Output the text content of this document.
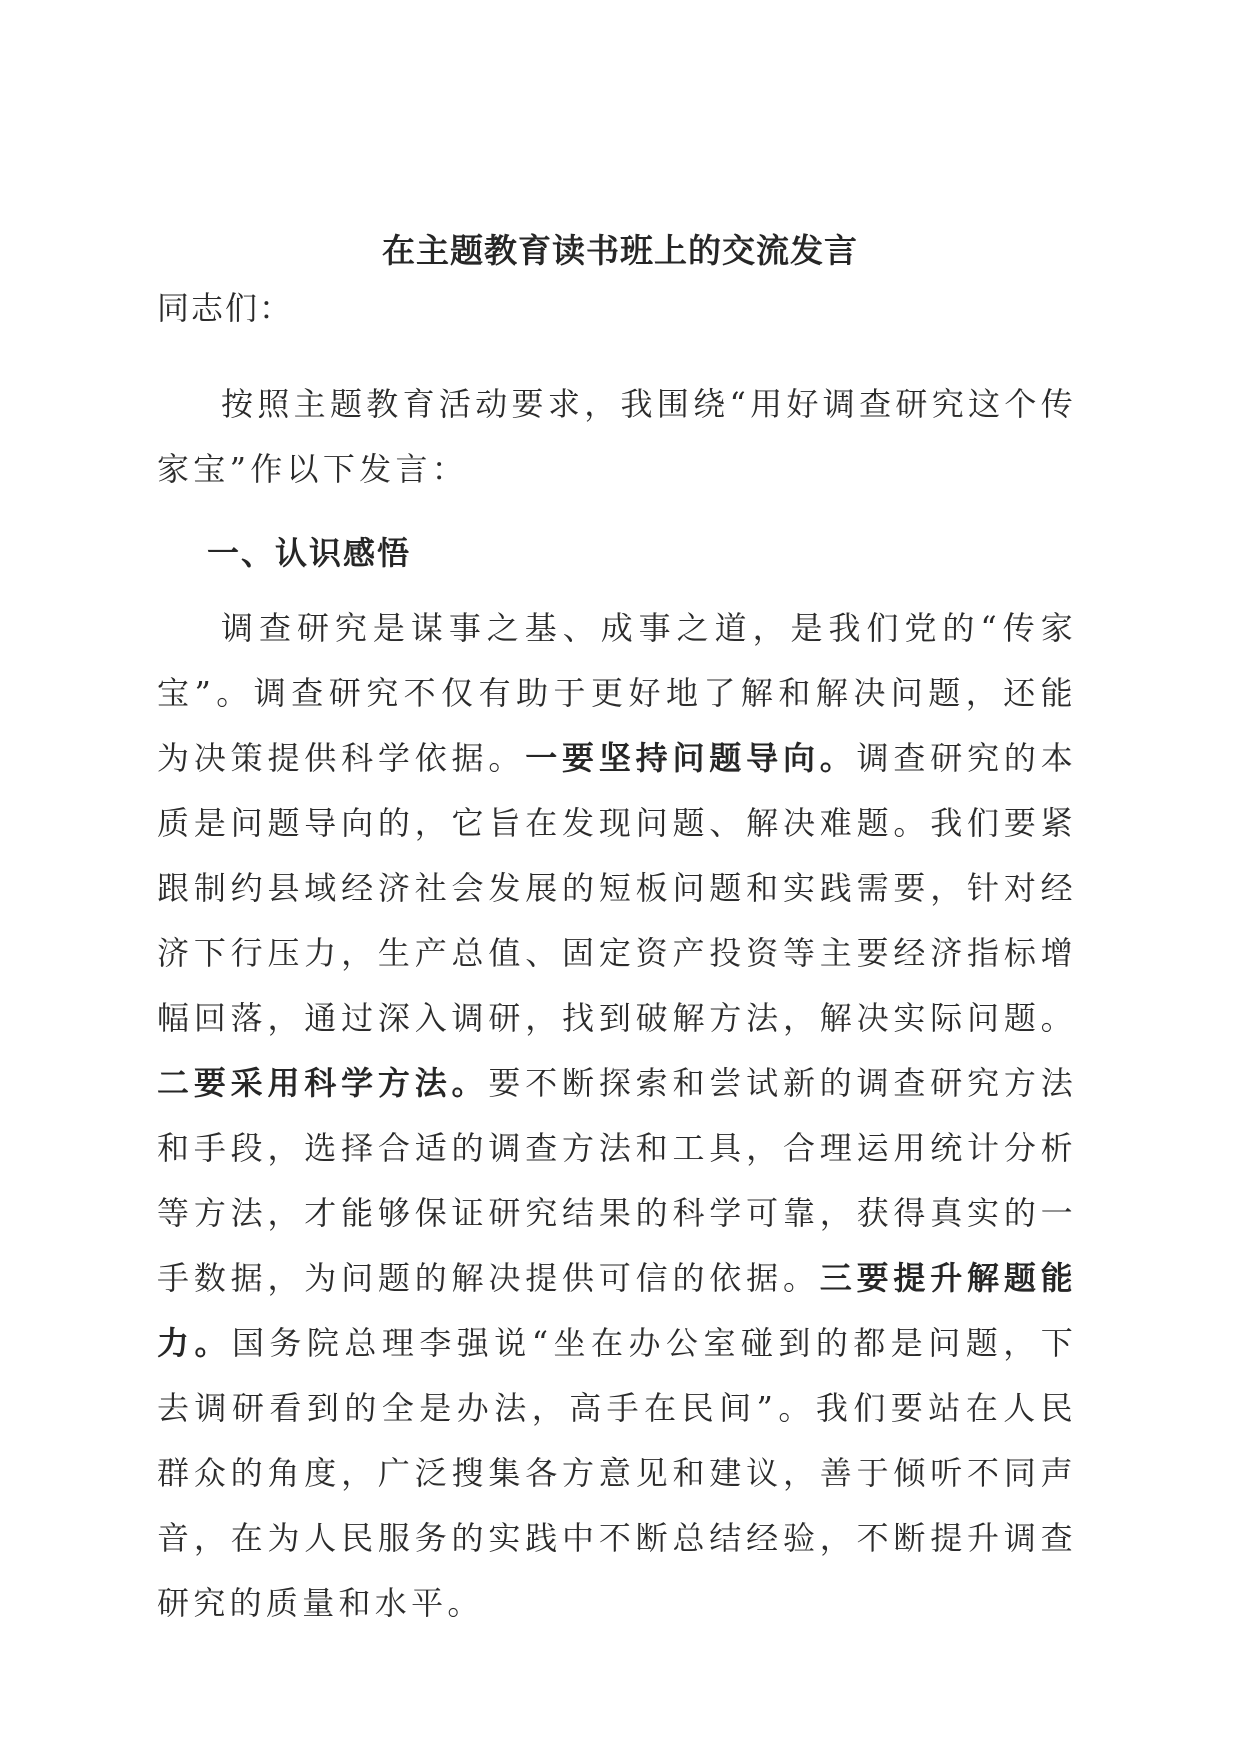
在主题教育读书班上的交流发言

同志们：

按照主题教育活动要求，我围绕“用好调查研究这个传家宝”作以下发言：

一、认识感悟

调查研究是谋事之基、成事之道，是我们党的“传家宝”。调查研究不仅有助于更好地了解和解决问题，还能为决策提供科学依据。一要坚持问题导向。调查研究的本质是问题导向的，它旨在发现问题、解决难题。我们要紧跟制约县域经济社会发展的短板问题和实践需要，针对经济下行压力，生产总值、固定资产投资等主要经济指标增幅回落，通过深入调研，找到破解方法，解决实际问题。二要采用科学方法。要不断探索和尝试新的调查研究方法和手段，选择合适的调查方法和工具，合理运用统计分析等方法，才能够保证研究结果的科学可靠，获得真实的一手数据，为问题的解决提供可信的依据。三要提升解题能力。国务院总理李强说“坐在办公室碰到的都是问题，下去调研看到的全是办法，高手在民间”。我们要站在人民群众的角度，广泛搜集各方意见和建议，善于倾听不同声音，在为人民服务的实践中不断总结经验，不断提升调查研究的质量和水平。
